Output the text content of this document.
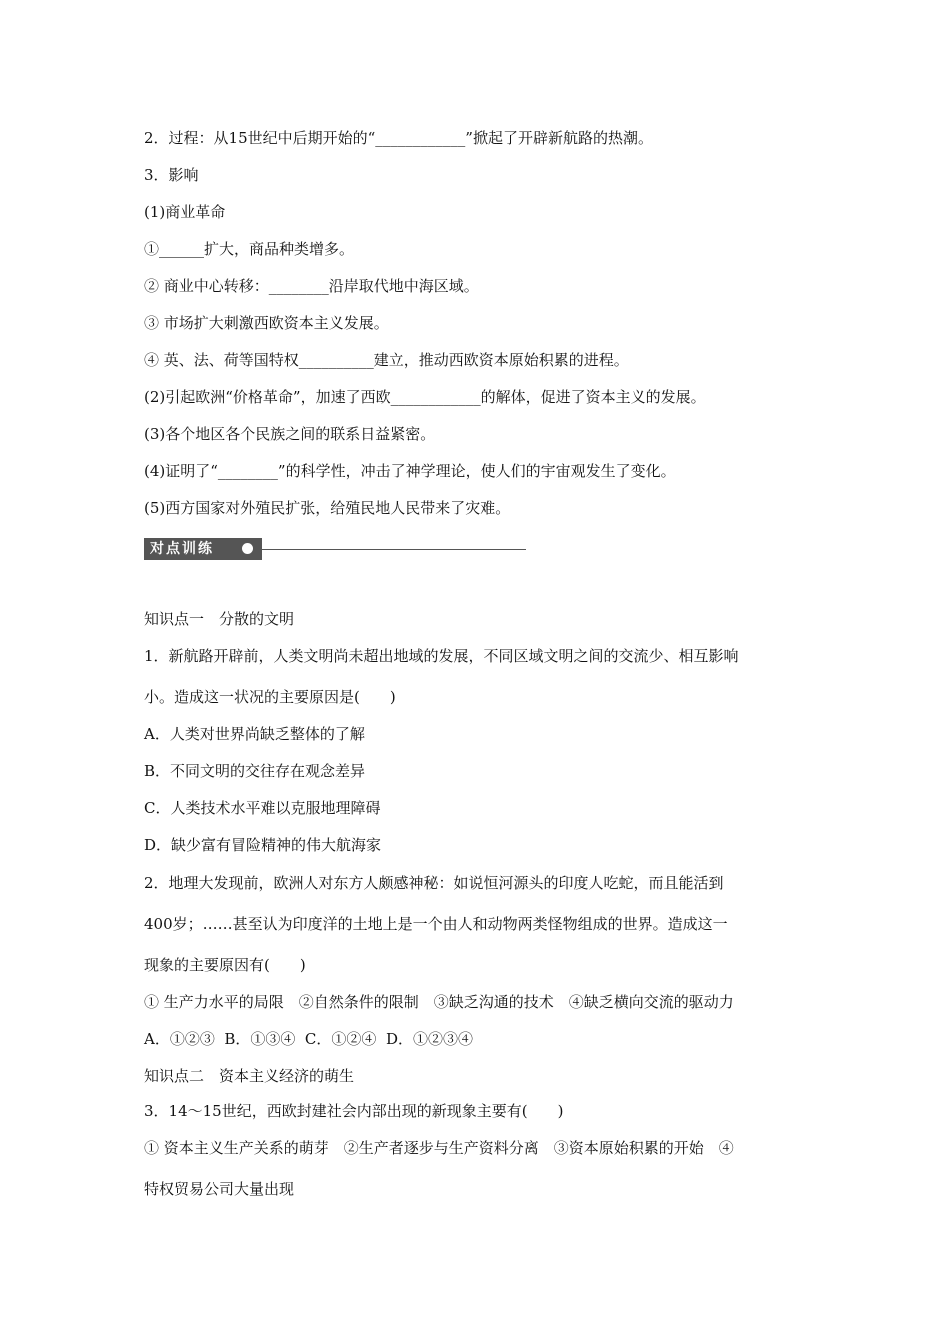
2．过程：从15世纪中后期开始的“____________”掀起了开辟新航路的热潮。
3．影响
(1)商业革命
①______扩大，商品种类增多。
② 商业中心转移：________沿岸取代地中海区域。
③ 市场扩大刺激西欧资本主义发展。
④ 英、法、荷等国特权__________建立，推动西欧资本原始积累的进程。
(2)引起欧洲“价格革命”，加速了西欧____________的解体，促进了资本主义的发展。
(3)各个地区各个民族之间的联系日益紧密。
(4)证明了“________”的科学性，冲击了神学理论，使人们的宇宙观发生了变化。
(5)西方国家对外殖民扩张，给殖民地人民带来了灾难。
对点训练
知识点一　分散的文明
1．新航路开辟前，人类文明尚未超出地域的发展，不同区域文明之间的交流少、相互影响
小。造成这一状况的主要原因是(　　)
A．人类对世界尚缺乏整体的了解
B．不同文明的交往存在观念差异
C．人类技术水平难以克服地理障碍
D．缺少富有冒险精神的伟大航海家
2．地理大发现前，欧洲人对东方人颇感神秘：如说恒河源头的印度人吃蛇，而且能活到
400岁；……甚至认为印度洋的土地上是一个由人和动物两类怪物组成的世界。造成这一
现象的主要原因有(　　)
① 生产力水平的局限　②自然条件的限制　③缺乏沟通的技术　④缺乏横向交流的驱动力
A．①②③  B．①③④  C．①②④  D．①②③④
知识点二　资本主义经济的萌生
3．14～15世纪，西欧封建社会内部出现的新现象主要有(　　)
① 资本主义生产关系的萌芽　②生产者逐步与生产资料分离　③资本原始积累的开始　④
特权贸易公司大量出现
